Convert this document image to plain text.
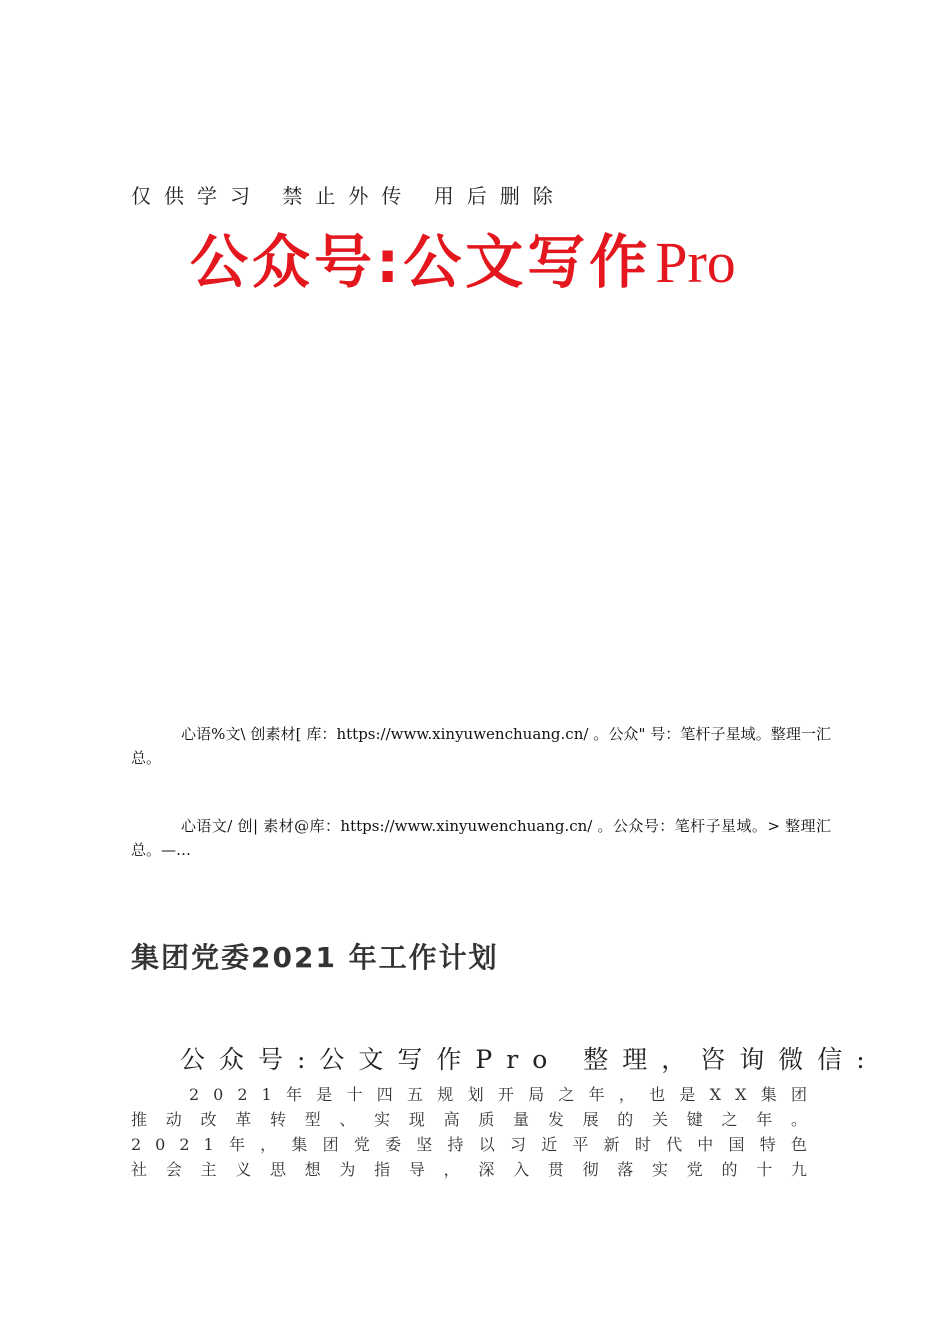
仅供学习 禁止外传 用后删除
公众号:公文写作Pro
心语%文\ 创素材[ 库：https://www.xinyuwenchuang.cn/ 。公众" 号：笔杆子星域。整理一汇总。
心语文/ 创| 素材@库：https://www.xinyuwenchuang.cn/ 。公众号：笔杆子星域。> 整理汇总。—…
集团党委2021 年工作计划
公众号:公文写作Pro 整理，咨询微信:
2021年是十四五规划开局之年，也是XX集团
推动改革转型、实现高质量发展的关键之年。
2021年，集团党委坚持以习近平新时代中国特色
社会主义思想为指导，深入贯彻落实党的十九
